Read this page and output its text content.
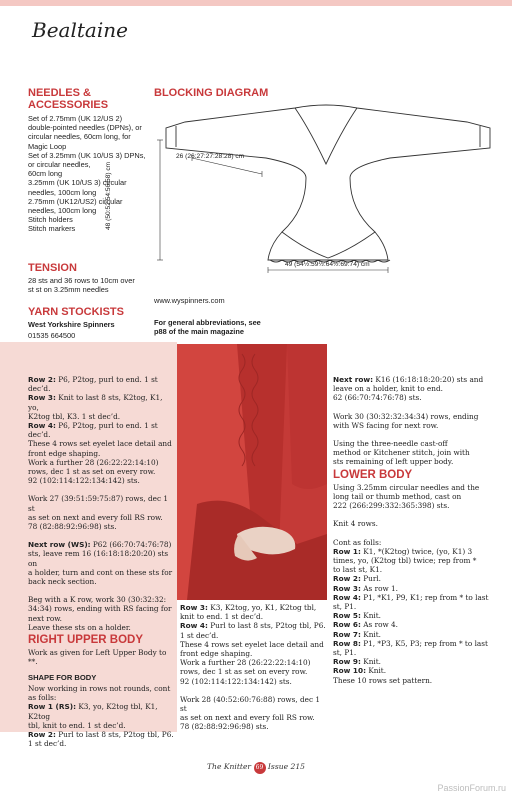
Bealtaine
NEEDLES & ACCESSORIES
Set of 2.75mm (UK 12/US 2)
double-pointed needles (DPNs), or
circular needles, 60cm long, for
Magic Loop
Set of 3.25mm (UK 10/US 3) DPNs,
or circular needles,
60cm long
3.25mm (UK 10/US 3) circular
needles, 100cm long
2.75mm (UK12/US2) circular
needles, 100cm long
Stitch holders
Stitch markers
TENSION
28 sts and 36 rows to 10cm over
st st on 3.25mm needles
YARN STOCKISTS
West Yorkshire Spinners
01535 664500
BLOCKING DIAGRAM
26 (26:27:27:28:28) cm
48 (50:52:54:56:58) cm
49 (54½:59½:64½:69:74) cm
www.wyspinners.com
For general abbreviations, see
p88 of the main magazine

Row 2: P6, P2tog, purl to end. 1 st dec’d.

Row 3: Knit to last 8 sts, K2tog, K1, yo,

K2tog tbl, K3. 1 st dec’d.

Row 4: P6, P2tog, purl to end. 1 st dec’d.

These 4 rows set eyelet lace detail and

front edge shaping.

Work a further 28 (26:22:22:14:10)

rows, dec 1 st as set on every row.

92 (102:114:122:134:142) sts.

Work 27 (39:51:59:75:87) rows, dec 1 st

as set on next and every foll RS row.

78 (82:88:92:96:98) sts.

Next row (WS): P62 (66:70:74:76:78)

sts, leave rem 16 (16:18:18:20:20) sts on

a holder, turn and cont on these sts for

back neck section.

Beg with a K row, work 30 (30:32:32:

34:34) rows, ending with RS facing for

next row.

Leave these sts on a holder.

RIGHT UPPER BODY

Work as given for Left Upper Body to **.

SHAPE FOR BODY

Now working in rows not rounds, cont

as folls:

Row 1 (RS): K3, yo, K2tog tbl, K1, K2tog

tbl, knit to end. 1 st dec’d.

Row 2: Purl to last 8 sts, P2tog tbl, P6.

1 st dec’d.

Row 3: K3, K2tog, yo, K1, K2tog tbl,

knit to end. 1 st dec’d.

Row 4: Purl to last 8 sts, P2tog tbl, P6.

1 st dec’d.

These 4 rows set eyelet lace detail and

front edge shaping.

Work a further 28 (26:22:22:14:10)

rows, dec 1 st as set on every row.

92 (102:114:122:134:142) sts.

Work 28 (40:52:60:76:88) rows, dec 1 st

as set on next and every foll RS row.

78 (82:88:92:96:98) sts.

Next row: K16 (16:18:18:20:20) sts and

leave on a holder, knit to end.

62 (66:70:74:76:78) sts.

Work 30 (30:32:32:34:34) rows, ending

with WS facing for next row.

Using the three-needle cast-off

method or Kitchener stitch, join with

sts remaining of left upper body.

LOWER BODY

Using 3.25mm circular needles and the

long tail or thumb method, cast on

222 (266:299:332:365:398) sts.

Knit 4 rows.

Cont as folls:

Row 1: K1, *(K2tog) twice, (yo, K1) 3

times, yo, (K2tog tbl) twice; rep from *

to last st, K1.

Row 2: Purl.

Row 3: As row 1.

Row 4: P1, *K1, P9, K1; rep from * to last

st, P1.

Row 5: Knit.

Row 6: As row 4.

Row 7: Knit.

Row 8: P1, *P3, K5, P3; rep from * to last

st, P1.

Row 9: Knit.

Row 10: Knit.

These 10 rows set pattern.

The Knitter 69 Issue 215
PassionForum.ru
